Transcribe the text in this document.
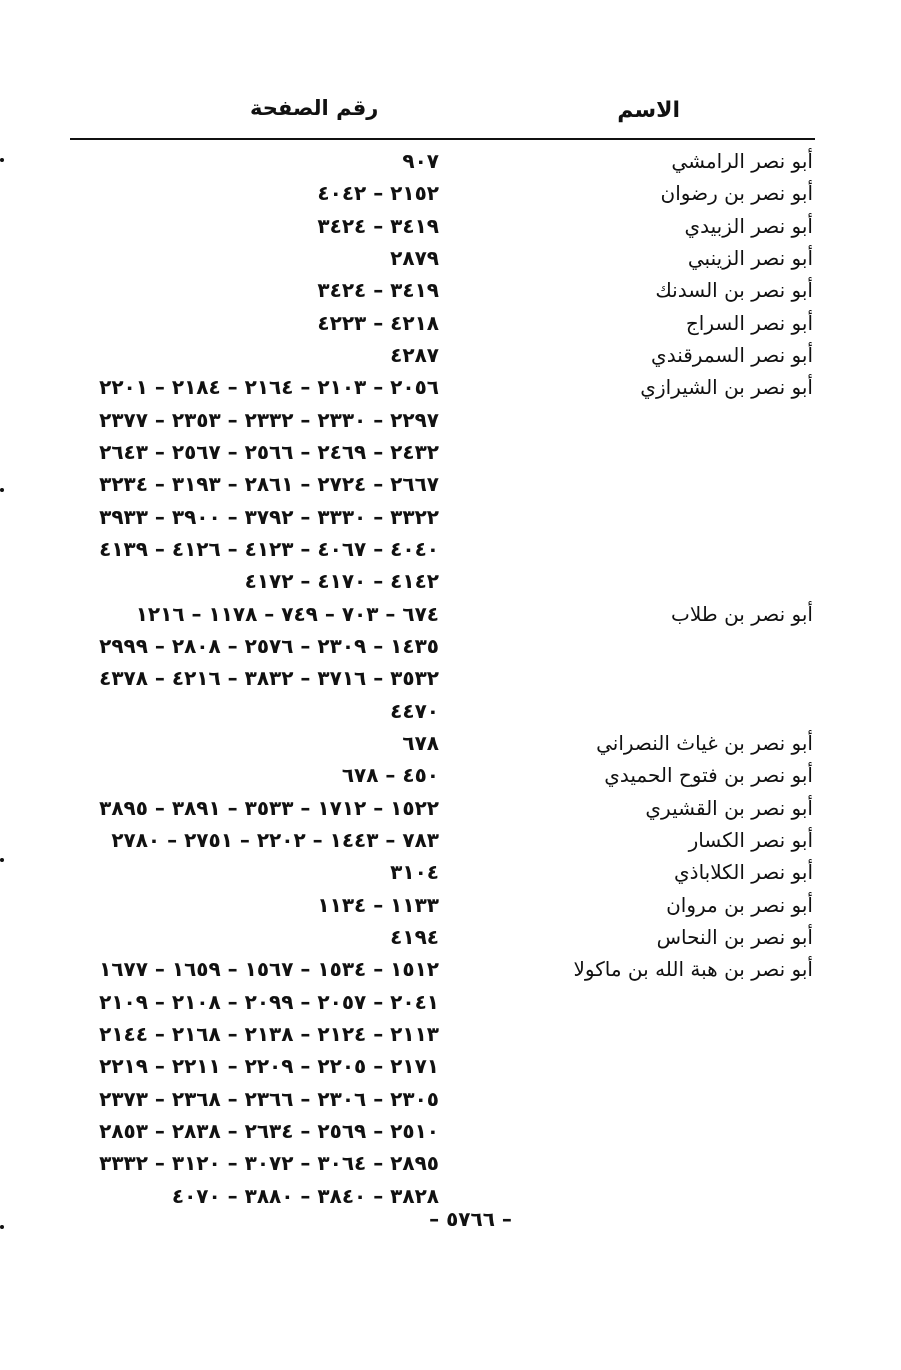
الاسم
رقم الصفحة
أبو نصر الرامشي
٩٠٧
أبو نصر بن رضوان
٢١٥٢ – ٤٠٤٢
أبو نصر الزبيدي
٣٤١٩ – ٣٤٢٤
أبو نصر الزينبي
٢٨٧٩
أبو نصر بن السدنك
٣٤١٩ – ٣٤٢٤
أبو نصر السراج
٤٢١٨ – ٤٢٢٣
أبو نصر السمرقندي
٤٢٨٧
أبو نصر بن الشيرازي
٢٠٥٦ – ٢١٠٣ – ٢١٦٤ – ٢١٨٤ – ٢٢٠١
٢٢٩٧ – ٢٣٣٠ – ٢٣٣٢ – ٢٣٥٣ – ٢٣٧٧
٢٤٣٢ – ٢٤٦٩ – ٢٥٦٦ – ٢٥٦٧ – ٢٦٤٣
٢٦٦٧ – ٢٧٢٤ – ٢٨٦١ – ٣١٩٣ – ٣٢٣٤
٣٣٢٢ – ٣٣٣٠ – ٣٧٩٢ – ٣٩٠٠ – ٣٩٣٣
٤٠٤٠ – ٤٠٦٧ – ٤١٢٣ – ٤١٢٦ – ٤١٣٩
٤١٤٢ – ٤١٧٠ – ٤١٧٢
أبو نصر بن طلاب
٦٧٤ – ٧٠٣ – ٧٤٩ – ١١٧٨ – ١٢١٦
١٤٣٥ – ٢٣٠٩ – ٢٥٧٦ – ٢٨٠٨ – ٢٩٩٩
٣٥٣٢ – ٣٧١٦ – ٣٨٣٢ – ٤٢١٦ – ٤٣٧٨
٤٤٧٠
أبو نصر بن غياث النصراني
٦٧٨
أبو نصر بن فتوح الحميدي
٤٥٠ – ٦٧٨
أبو نصر بن القشيري
١٥٢٢ – ١٧١٢ – ٣٥٣٣ – ٣٨٩١ – ٣٨٩٥
أبو نصر الكسار
٧٨٣ – ١٤٤٣ – ٢٢٠٢ – ٢٧٥١ – ٢٧٨٠
أبو نصر الكلاباذي
٣١٠٤
أبو نصر بن مروان
١١٣٣ – ١١٣٤
أبو نصر بن النحاس
٤١٩٤
أبو نصر بن هبة الله بن ماكولا
١٥١٢ – ١٥٣٤ – ١٥٦٧ – ١٦٥٩ – ١٦٧٧
٢٠٤١ – ٢٠٥٧ – ٢٠٩٩ – ٢١٠٨ – ٢١٠٩
٢١١٣ – ٢١٢٤ – ٢١٣٨ – ٢١٦٨ – ٢١٤٤
٢١٧١ – ٢٢٠٥ – ٢٢٠٩ – ٢٢١١ – ٢٢١٩
٢٣٠٥ – ٢٣٠٦ – ٢٣٦٦ – ٢٣٦٨ – ٢٣٧٣
٢٥١٠ – ٢٥٦٩ – ٢٦٣٤ – ٢٨٣٨ – ٢٨٥٣
٢٨٩٥ – ٣٠٦٤ – ٣٠٧٢ – ٣١٢٠ – ٣٣٣٢
٣٨٢٨ – ٣٨٤٠ – ٣٨٨٠ – ٤٠٧٠
– ٥٧٦٦ –
